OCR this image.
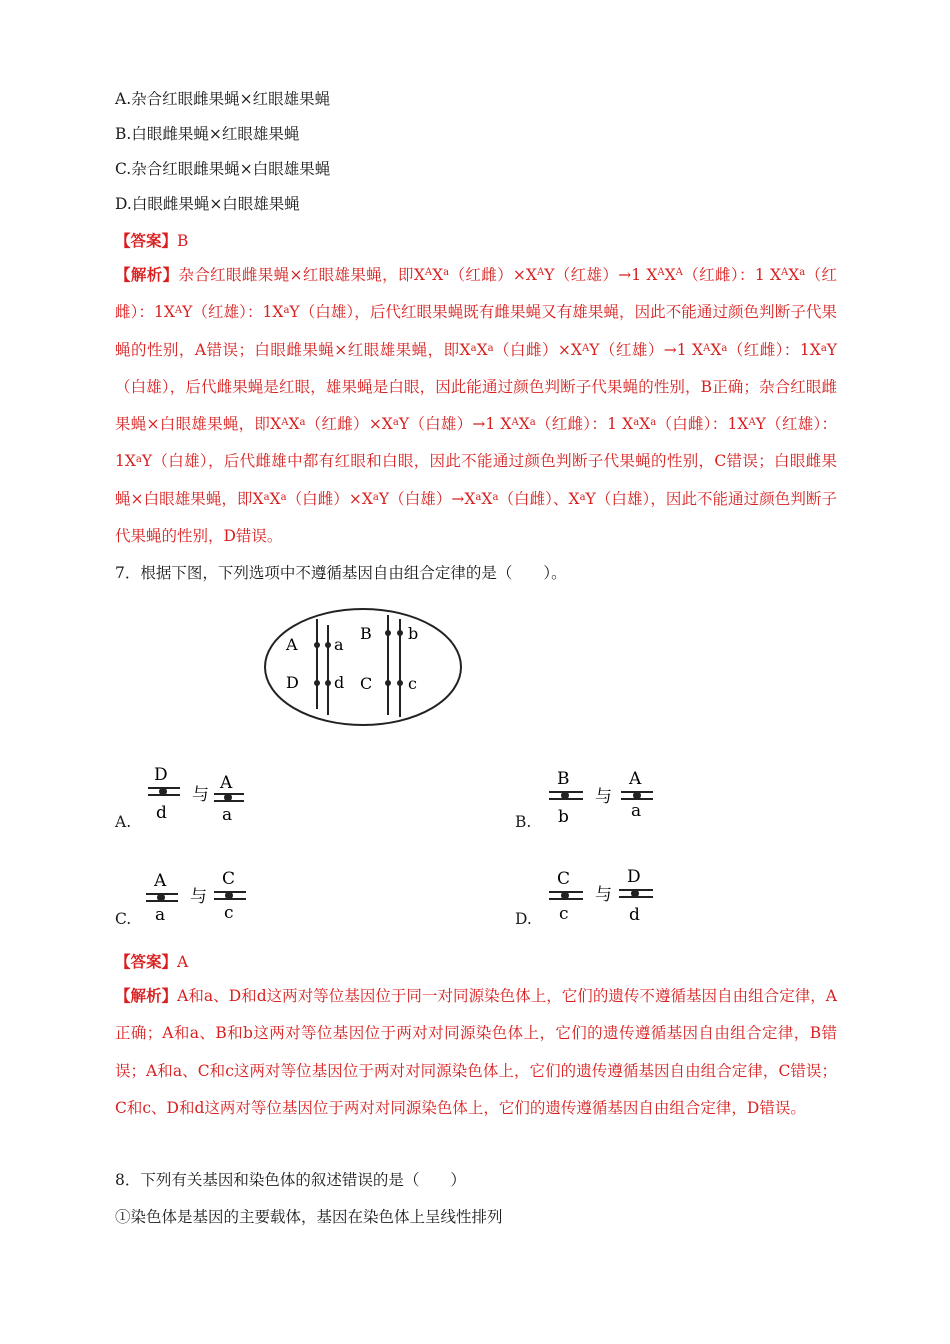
A.杂合红眼雌果蝇×红眼雄果蝇
B.白眼雌果蝇×红眼雄果蝇
C.杂合红眼雌果蝇×白眼雄果蝇
D.白眼雌果蝇×白眼雄果蝇
【答案】B
【解析】杂合红眼雌果蝇×红眼雄果蝇，即$X^AX^a$（红雌）$\times X^AY$（红雄）→1 $X^AX^A$（红雌）：1 $X^AX^a$（红雌）：$1X^AY$（红雄）：$1X^aY$（白雄），后代红眼果蝇既有雌果蝇又有雄果蝇，因此不能通过颜色判断子代果蝇的性别，A错误；白眼雌果蝇×红眼雄果蝇，即$X^aX^a$（白雌）$\times X^AY$（红雄）→1 $X^AX^a$（红雌）：$1X^aY$（白雄），后代雌果蝇是红眼，雄果蝇是白眼，因此能通过颜色判断子代果蝇的性别，B正确；杂合红眼雌果蝇×白眼雄果蝇，即$X^AX^a$（红雌）$\times X^aY$（白雄）→1 $X^AX^a$（红雌）：1 $X^aX^a$（白雌）：$1X^AY$（红雄）：$1X^aY$（白雄），后代雌雄中都有红眼和白眼，因此不能通过颜色判断子代果蝇的性别，C错误；白眼雌果蝇×白眼雄果蝇，即$X^aX^a$（白雌）$\times X^aY$（白雄）$\to X^aX^a$（白雌）、$X^aY$（白雄），因此不能通过颜色判断子代果蝇的性别，D错误。
7．根据下图，下列选项中不遵循基因自由组合定律的是（　　）。
A a
D d
B b
C c
A.
D
d
与
A
a	B.
B
b
与
A
a
C.
A
a
与
C
c	D.
C
c
与
D
d
【答案】A
【解析】A和a、D和d这两对等位基因位于同一对同源染色体上，它们的遗传不遵循基因自由组合定律，A正确；A和a、B和b这两对等位基因位于两对对同源染色体上，它们的遗传遵循基因自由组合定律，B错误；A和a、C和c这两对等位基因位于两对对同源染色体上，它们的遗传遵循基因自由组合定律，C错误；C和c、D和d这两对等位基因位于两对对同源染色体上，它们的遗传遵循基因自由组合定律，D错误。
8．下列有关基因和染色体的叙述错误的是（　　）
①染色体是基因的主要载体，基因在染色体上呈线性排列
